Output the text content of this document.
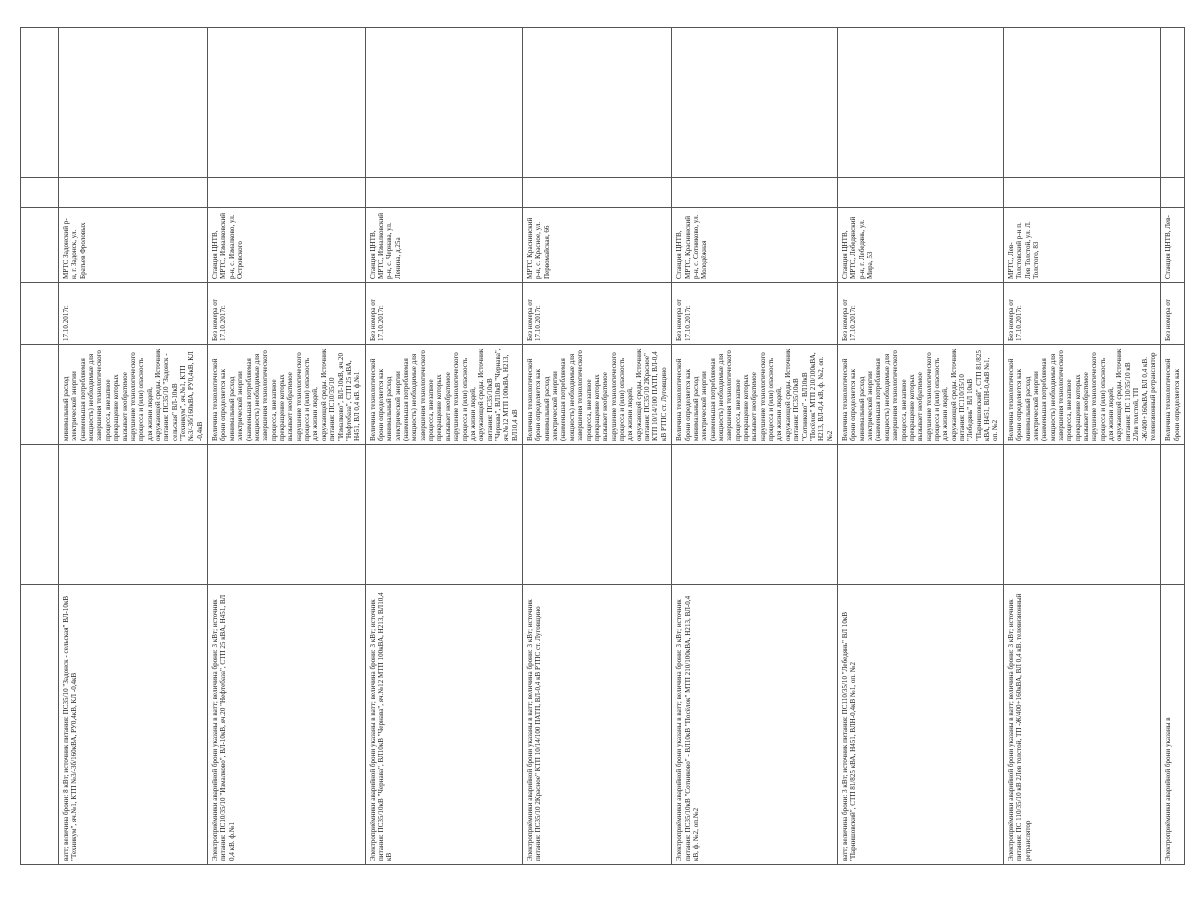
ватт; величина брони: 8 кВт; источник питания: ПС35/10 "Задонск - сельская" ВЛ-10кВ "Техникум", яч.№1, КТП №3/-3б/160кВА, РУ0,4кВ, КЛ -0,4кВ		минимальный расход электрической энергии (наименьшая потребляемая мощность) необходимые для завершения технологического процесса, внезапное прекращение которых вызывает необратимое нарушение технологического процесса и (или) опасность для жизни людей, окружающей среды. Источник питания: ПС35/10 "Задонск - сельская" ВЛ-10кВ "Техникум", яч.№1, КТП №3/-3б/160кВА, РУ0,4кВ, КЛ -0,4кВ	17.10.2017г.	МРТС Задонский р- н, г. Задонск, ул. Братьев Фроловых		
Электроприёмники аварийной брони указаны в ватт; величина брони: 3 кВт; источник питания: ПС10/35/10 "Измалково", ВЛ-10кВ, яч.20 "Нефтебаза", СТП 25 кВА, Н451, ВЛ 0,4 кВ. ф.№1		Величина технологической брони определяется как минимальный расход электрической энергии (наименьшая потребляемая мощность) необходимые для завершения технологического процесса, внезапное прекращение которых вызывает необратимое нарушение технологического процесса и (или) опасность для жизни людей, окружающей среды. Источник питания: ПС10/35/10 "Измалково", ВЛ-10кВ, яч.20 "Нефтебаза", СТП 25 кВА, Н451, ВЛ 0,4 кВ. ф.№1	Без номера от 17.10.2017г.	Станция ЦНТВ, МРТС, Измалковский р-н, с. Измалково, ул. Островского		
Электроприёмники аварийной брони указаны в ватт; величина брони: 3 кВт; источник питания: ПС35/10кВ "Чернава", ВЛ10кВ "Чернава", яч.№12 МТП 100кВА, Н213, ВЛ10,4 кВ		Величина технологической брони определяется как минимальный расход электрической энергии (наименьшая потребляемая мощность) необходимые для завершения технологического процесса, внезапное прекращение которых вызывает необратимое нарушение технологического процесса и (или) опасность для жизни людей, окружающей среды. Источник питания: ПС35/10кВ "Чернава", ВЛ10кВ "Чернава", яч.№12 МТП 100кВА, Н213, ВЛ10,4 кВ	Без номера от 17.10.2017г.	Станция ЦНТВ, МРТС, Измалковский р-н, с. Чернава, ул. Ленина, д.25а		
Электроприёмники аварийной брони указаны в ватт; величина брони: 3 кВт; источник питания: ПС35/10 2Красное" КТП 10/14/100 ПАТП, ВЛ-0,4 кВ РТПС ст. Луговщино		Величина технологической брони определяется как минимальный расход электрической энергии (наименьшая потребляемая мощность) необходимые для завершения технологического процесса, внезапное прекращение которых вызывает необратимое нарушение технологического процесса и (или) опасность для жизни людей, окружающей среды. Источник питания: ПС35/10 2Красное" КТП 10/14/100 ПАТП, ВЛ-0,4 кВ РТПС ст. Луговщино	Без номера от 17.10.2017г.	МРТС Краснинский р-н, с. Красное, ул. Первомайская, 66		
Электроприёмники аварийной брони указаны в ватт; величина брони: 3 кВт; источник питания: ПС35/10кВ "Сотниково" - ВЛ10кВ "Посёлок" МТП 210/100кВА, Н213, ВЛ-0,4 кВ, ф. №2, оп.№2		Величина технологической брони определяется как минимальный расход электрической энергии (наименьшая потребляемая мощность) необходимые для завершения технологического процесса, внезапное прекращение которых вызывает необратимое нарушение технологического процесса и (или) опасность для жизни людей, окружающей среды. Источник питания: ПС35/10кВ "Сотниково" - ВЛ10кВ "Посёлок" МТП 210/100кВА, Н213, ВЛ-0,4 кВ, ф. №2, оп.№2	Без номера от 17.10.2017г.	Станция ЦНТВ, МРТС, Краснинский р-н, с. Сотниково, ул. Молодёжная		
ватт; величина брони: 3 кВт; источник питания: ПС110/35/10 "Лебедянь" ВЛ 10кВ "Парнишовский", СТП 81/825 кВА, Н451, ВЛН-0,4кВ №1, оп. №2		Величина технологической брони определяется как минимальный расход электрической энергии (наименьшая потребляемая мощность) необходимые для завершения технологического процесса, внезапное прекращение которых вызывает необратимое нарушение технологического процесса и (или) опасность для жизни людей, окружающей среды. Источник питания: ПС110/35/10 "Лебедянь" ВЛ 10кВ "Парнишовский", СТП 81/825 кВА, Н451, ВЛН-0,4кВ №1, оп. №2	Без номера от 17.10.2017г.	Станция ЦНТВ, МРТС, Лебедянский р-н, г. Лебедянь, ул. Мира, 53		
Электроприёмники аварийной брони указаны в ватт; величина брони: 3 кВт; источник питания: ПС 110/35/10 кВ 2Лев толстой, ТП -Ж/400+160кВА, ВЛ 0,4 кВ. телевизионный ретранслятор		Величина технологической брони определяется как минимальный расход электрической энергии (наименьшая потребляемая мощность) необходимые для завершения технологического процесса, внезапное прекращение которых вызывает необратимое нарушение технологического процесса и (или) опасность для жизни людей, окружающей среды. Источник питания: ПС 110/35/10 кВ 2Лев толстой, ТП -Ж/400+160кВА, ВЛ 0,4 кВ. телевизионный ретранслятор	Без номера от 17.10.2017г.	МРТС, Лев-Толстовский р-н п. Лев Толстой, ул. Л. Толстого, 83		
Электроприёмники аварийной брони указаны в		Величина технологической брони определяется как	Без номера от	Станция ЦНТВ, Лев-		
